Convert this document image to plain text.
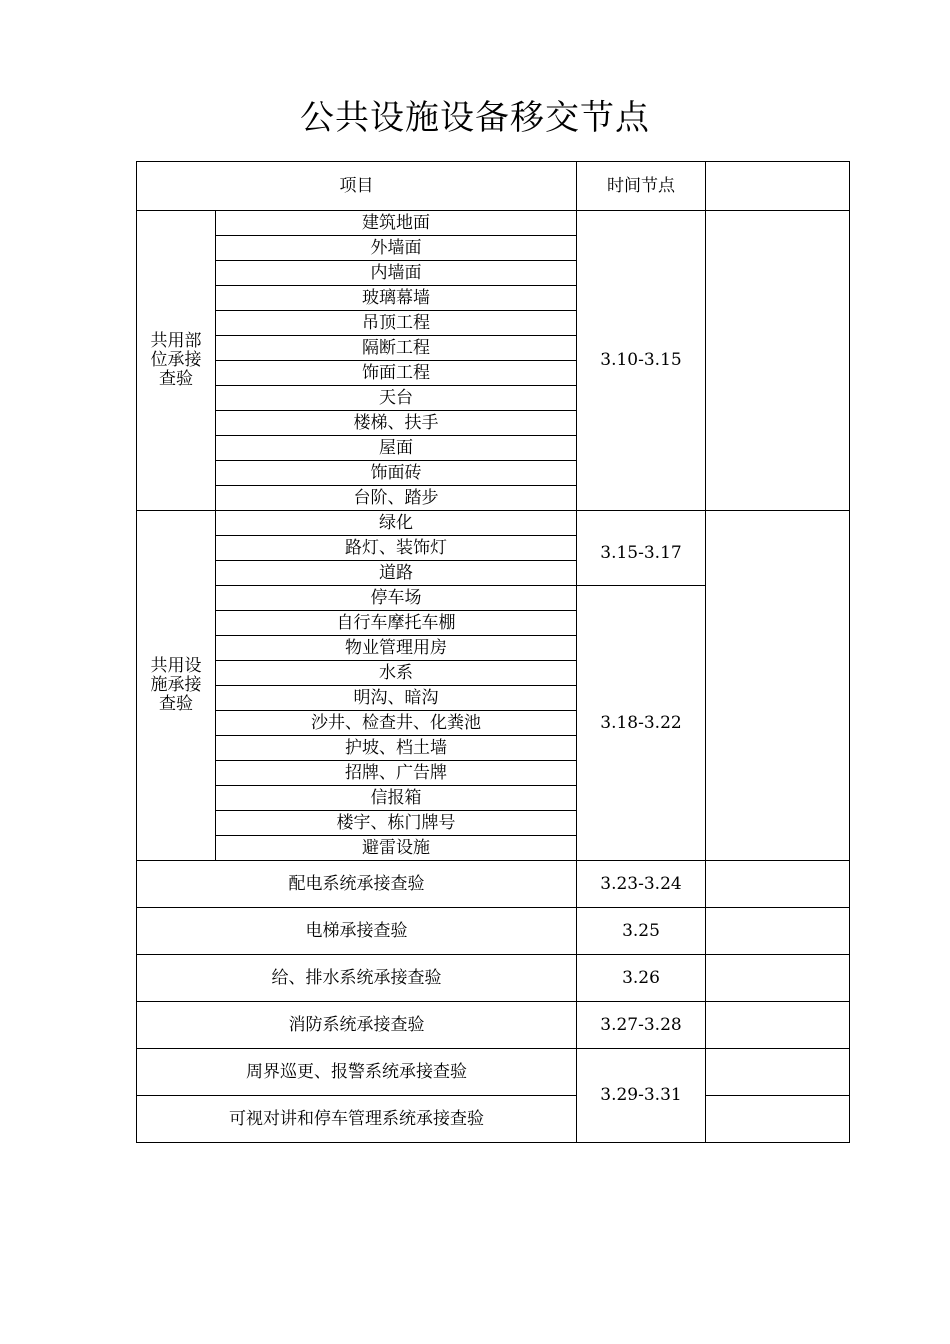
公共设施设备移交节点
项目		时间节点	
共用部
位承接
查验	建筑地面	3.10-3.15	
	外墙面		
	内墙面		
	玻璃幕墙		
	吊顶工程		
	隔断工程		
	饰面工程		
	天台		
	楼梯、扶手		
	屋面		
	饰面砖		
	台阶、踏步		
共用设
施承接
查验	绿化	3.15-3.17	
	路灯、装饰灯		
	道路		
	停车场	3.18-3.22	
	自行车摩托车棚		
	物业管理用房		
	水系		
	明沟、暗沟		
	沙井、检查井、化粪池		
	护坡、档土墙		
	招牌、广告牌		
	信报箱		
	楼宇、栋门牌号		
	避雷设施		
配电系统承接查验		3.23-3.24	
电梯承接查验		3.25	
给、排水系统承接查验		3.26	
消防系统承接查验		3.27-3.28	
周界巡更、报警系统承接查验		3.29-3.31	
可视对讲和停车管理系统承接查验			
